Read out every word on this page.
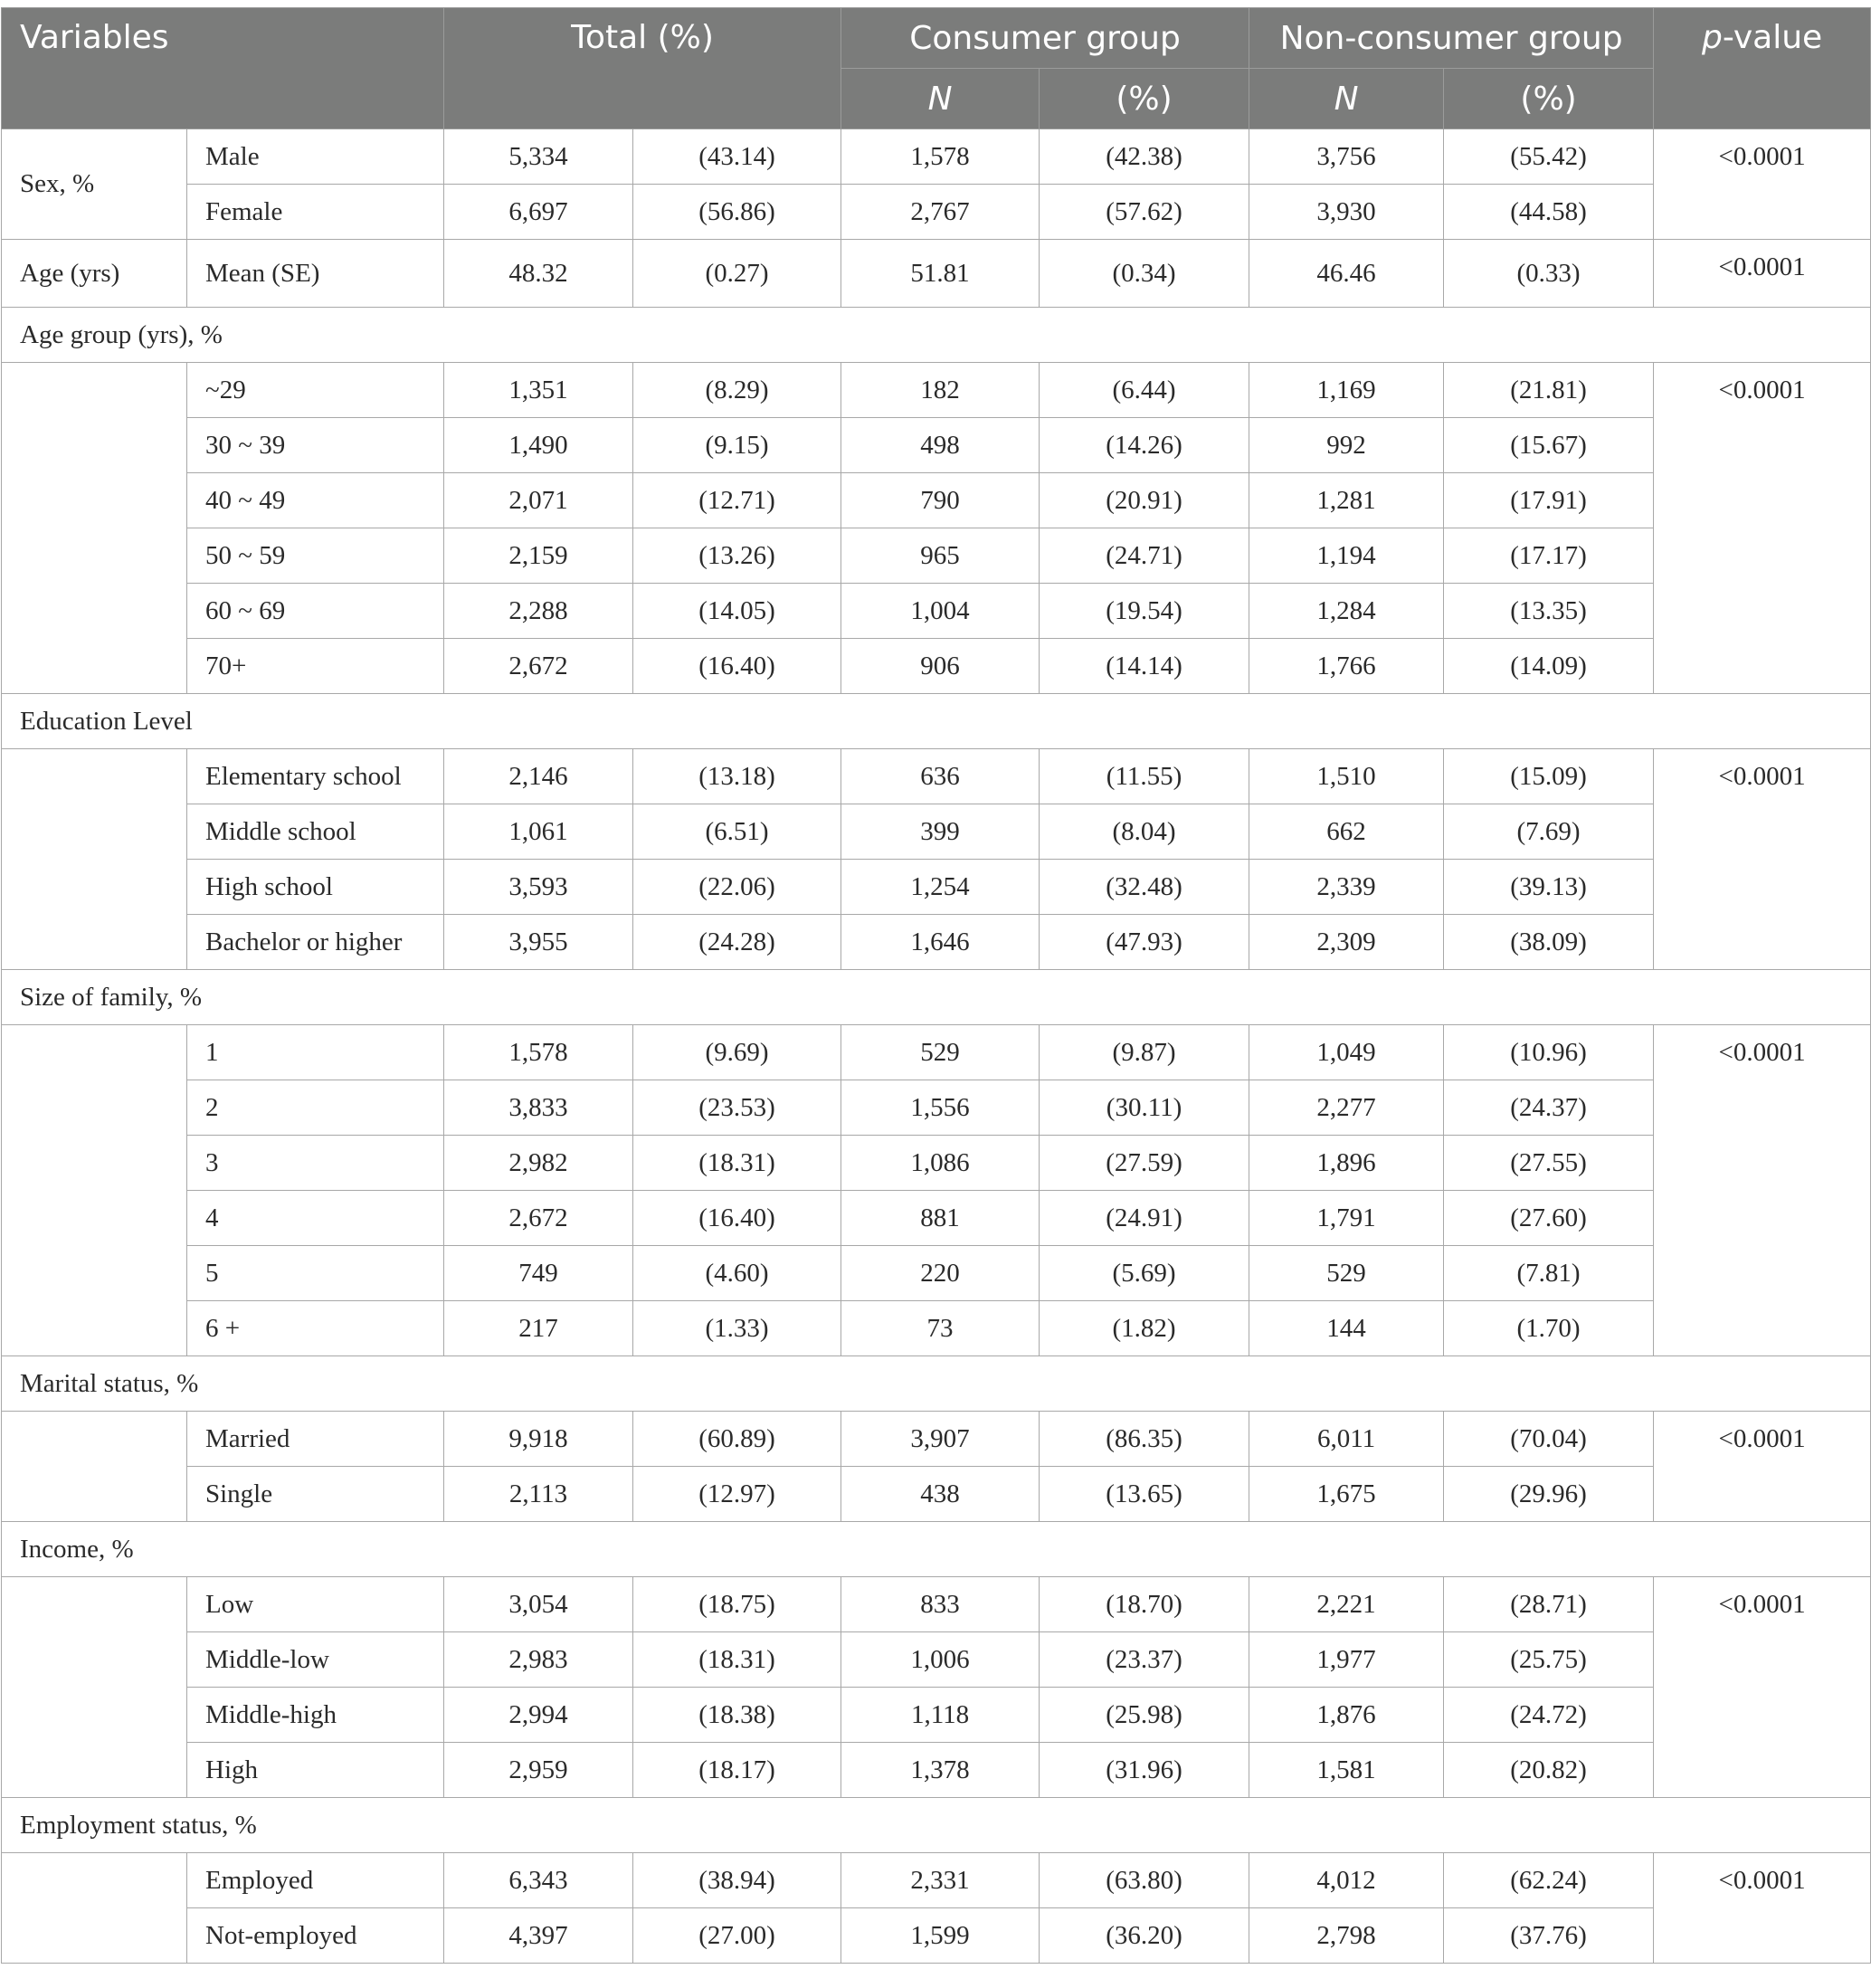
Variables		Total (%)		Consumer group		Non-consumer group		p-value
				N	(%)	N	(%)	
Sex, %	Male	5,334	(43.14)	1,578	(42.38)	3,756	(55.42)	<0.0001
	Female	6,697	(56.86)	2,767	(57.62)	3,930	(44.58)	
Age (yrs)	Mean (SE)	48.32	(0.27)	51.81	(0.34)	46.46	(0.33)	<0.0001
Age group (yrs), %								
	~29	1,351	(8.29)	182	(6.44)	1,169	(21.81)	<0.0001
	30 ~ 39	1,490	(9.15)	498	(14.26)	992	(15.67)	
	40 ~ 49	2,071	(12.71)	790	(20.91)	1,281	(17.91)	
	50 ~ 59	2,159	(13.26)	965	(24.71)	1,194	(17.17)	
	60 ~ 69	2,288	(14.05)	1,004	(19.54)	1,284	(13.35)	
	70+	2,672	(16.40)	906	(14.14)	1,766	(14.09)	
Education Level								
	Elementary school	2,146	(13.18)	636	(11.55)	1,510	(15.09)	<0.0001
	Middle school	1,061	(6.51)	399	(8.04)	662	(7.69)	
	High school	3,593	(22.06)	1,254	(32.48)	2,339	(39.13)	
	Bachelor or higher	3,955	(24.28)	1,646	(47.93)	2,309	(38.09)	
Size of family, %								
	1	1,578	(9.69)	529	(9.87)	1,049	(10.96)	<0.0001
	2	3,833	(23.53)	1,556	(30.11)	2,277	(24.37)	
	3	2,982	(18.31)	1,086	(27.59)	1,896	(27.55)	
	4	2,672	(16.40)	881	(24.91)	1,791	(27.60)	
	5	749	(4.60)	220	(5.69)	529	(7.81)	
	6 +	217	(1.33)	73	(1.82)	144	(1.70)	
Marital status, %								
	Married	9,918	(60.89)	3,907	(86.35)	6,011	(70.04)	<0.0001
	Single	2,113	(12.97)	438	(13.65)	1,675	(29.96)	
Income, %								
	Low	3,054	(18.75)	833	(18.70)	2,221	(28.71)	<0.0001
	Middle-low	2,983	(18.31)	1,006	(23.37)	1,977	(25.75)	
	Middle-high	2,994	(18.38)	1,118	(25.98)	1,876	(24.72)	
	High	2,959	(18.17)	1,378	(31.96)	1,581	(20.82)	
Employment status, %								
	Employed	6,343	(38.94)	2,331	(63.80)	4,012	(62.24)	<0.0001
	Not-employed	4,397	(27.00)	1,599	(36.20)	2,798	(37.76)	
